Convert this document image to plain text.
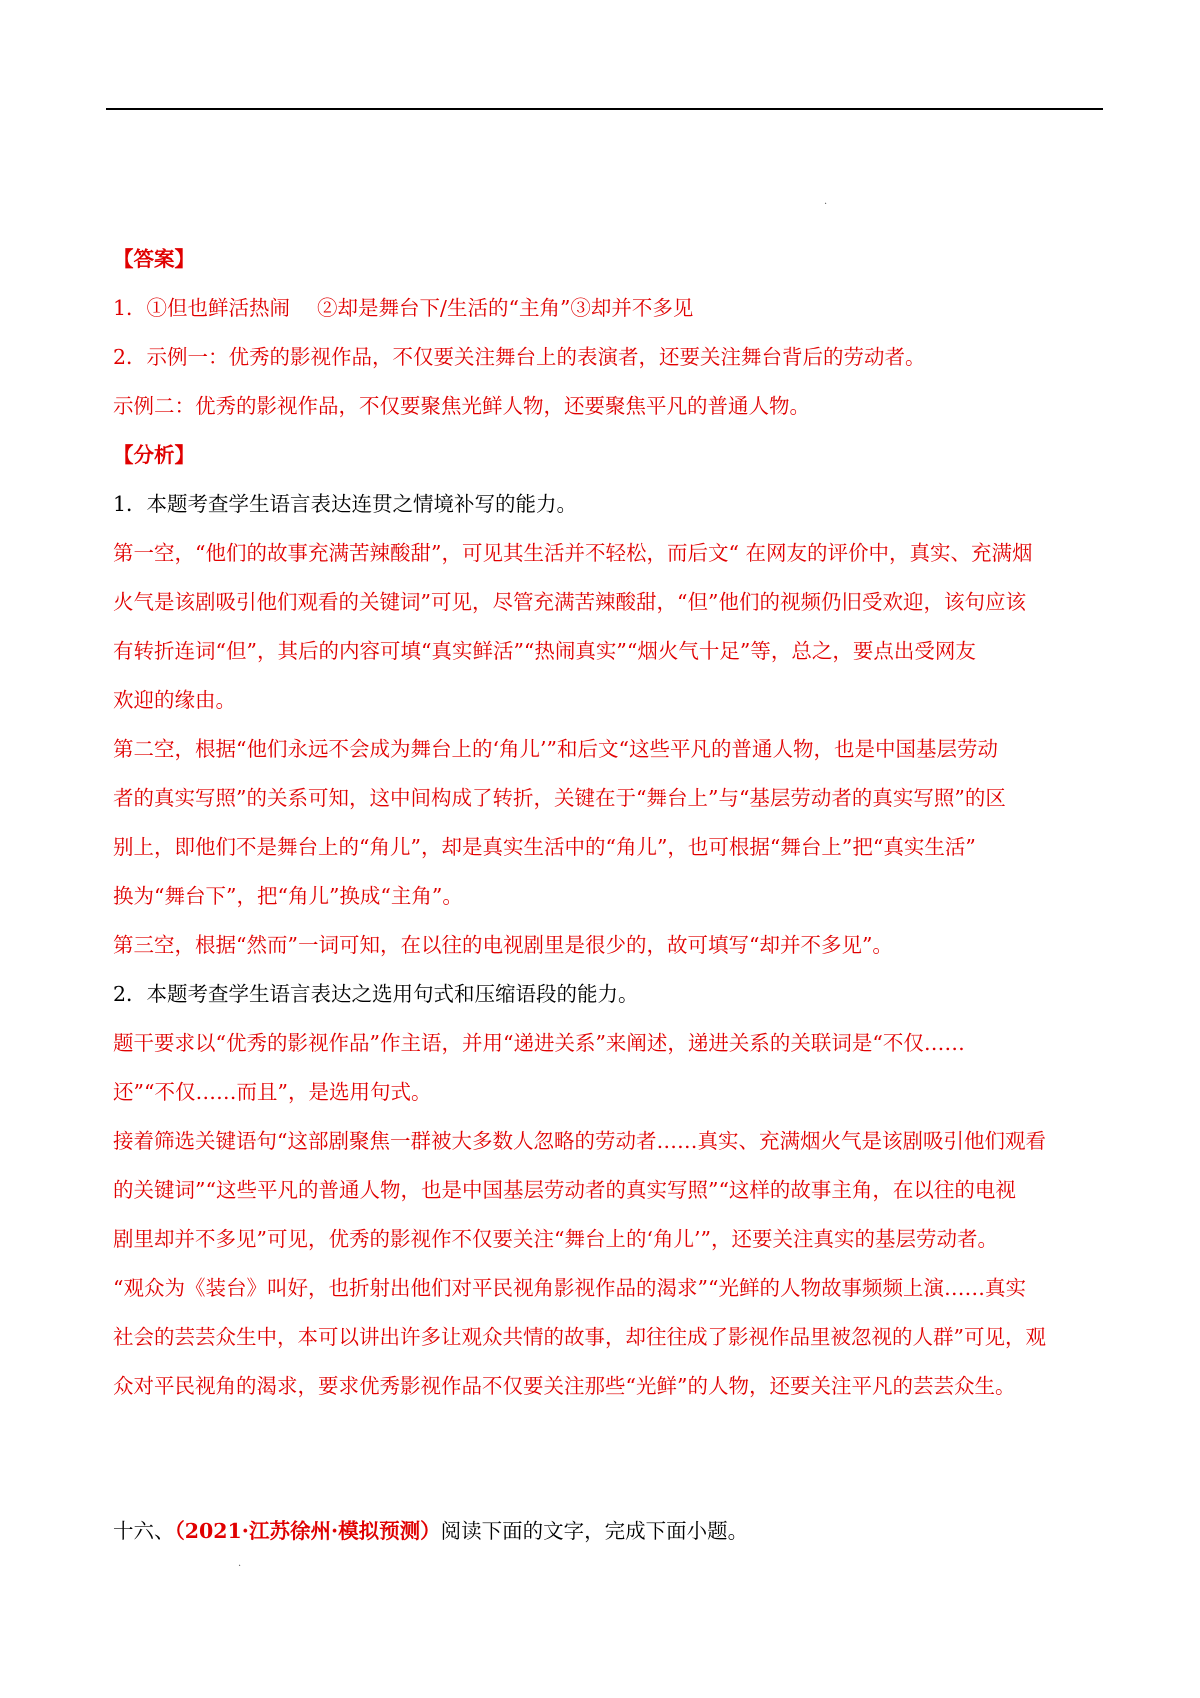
·
·

【答案】

1．①但也鲜活热闹　 ②却是舞台下/生活的“主角”③却并不多见

2．示例一：优秀的影视作品，不仅要关注舞台上的表演者，还要关注舞台背后的劳动者。

示例二：优秀的影视作品，不仅要聚焦光鲜人物，还要聚焦平凡的普通人物。

【分析】

1．本题考查学生语言表达连贯之情境补写的能力。

第一空，“他们的故事充满苦辣酸甜”，可见其生活并不轻松，而后文“ 在网友的评价中，真实、充满烟

火气是该剧吸引他们观看的关键词”可见，尽管充满苦辣酸甜，“但”他们的视频仍旧受欢迎，该句应该

有转折连词“但”，其后的内容可填“真实鲜活”“热闹真实”“烟火气十足”等，总之，要点出受网友

欢迎的缘由。

第二空，根据“他们永远不会成为舞台上的‘角儿’”和后文“这些平凡的普通人物，也是中国基层劳动

者的真实写照”的关系可知，这中间构成了转折，关键在于“舞台上”与“基层劳动者的真实写照”的区

别上，即他们不是舞台上的“角儿”，却是真实生活中的“角儿”，也可根据“舞台上”把“真实生活”

换为“舞台下”，把“角儿”换成“主角”。

第三空，根据“然而”一词可知，在以往的电视剧里是很少的，故可填写“却并不多见”。

2．本题考查学生语言表达之选用句式和压缩语段的能力。

题干要求以“优秀的影视作品”作主语，并用“递进关系”来阐述，递进关系的关联词是“不仅……

还”“不仅……而且”，是选用句式。

接着筛选关键语句“这部剧聚焦一群被大多数人忽略的劳动者……真实、充满烟火气是该剧吸引他们观看

的关键词”“这些平凡的普通人物，也是中国基层劳动者的真实写照”“这样的故事主角，在以往的电视

剧里却并不多见”可见，优秀的影视作不仅要关注“舞台上的‘角儿’”，还要关注真实的基层劳动者。

“观众为《装台》叫好，也折射出他们对平民视角影视作品的渴求”“光鲜的人物故事频频上演……真实

社会的芸芸众生中，本可以讲出许多让观众共情的故事，却往往成了影视作品里被忽视的人群”可见，观

众对平民视角的渴求，要求优秀影视作品不仅要关注那些“光鲜”的人物，还要关注平凡的芸芸众生。

十六、（2021·江苏徐州·模拟预测）阅读下面的文字，完成下面小题。
